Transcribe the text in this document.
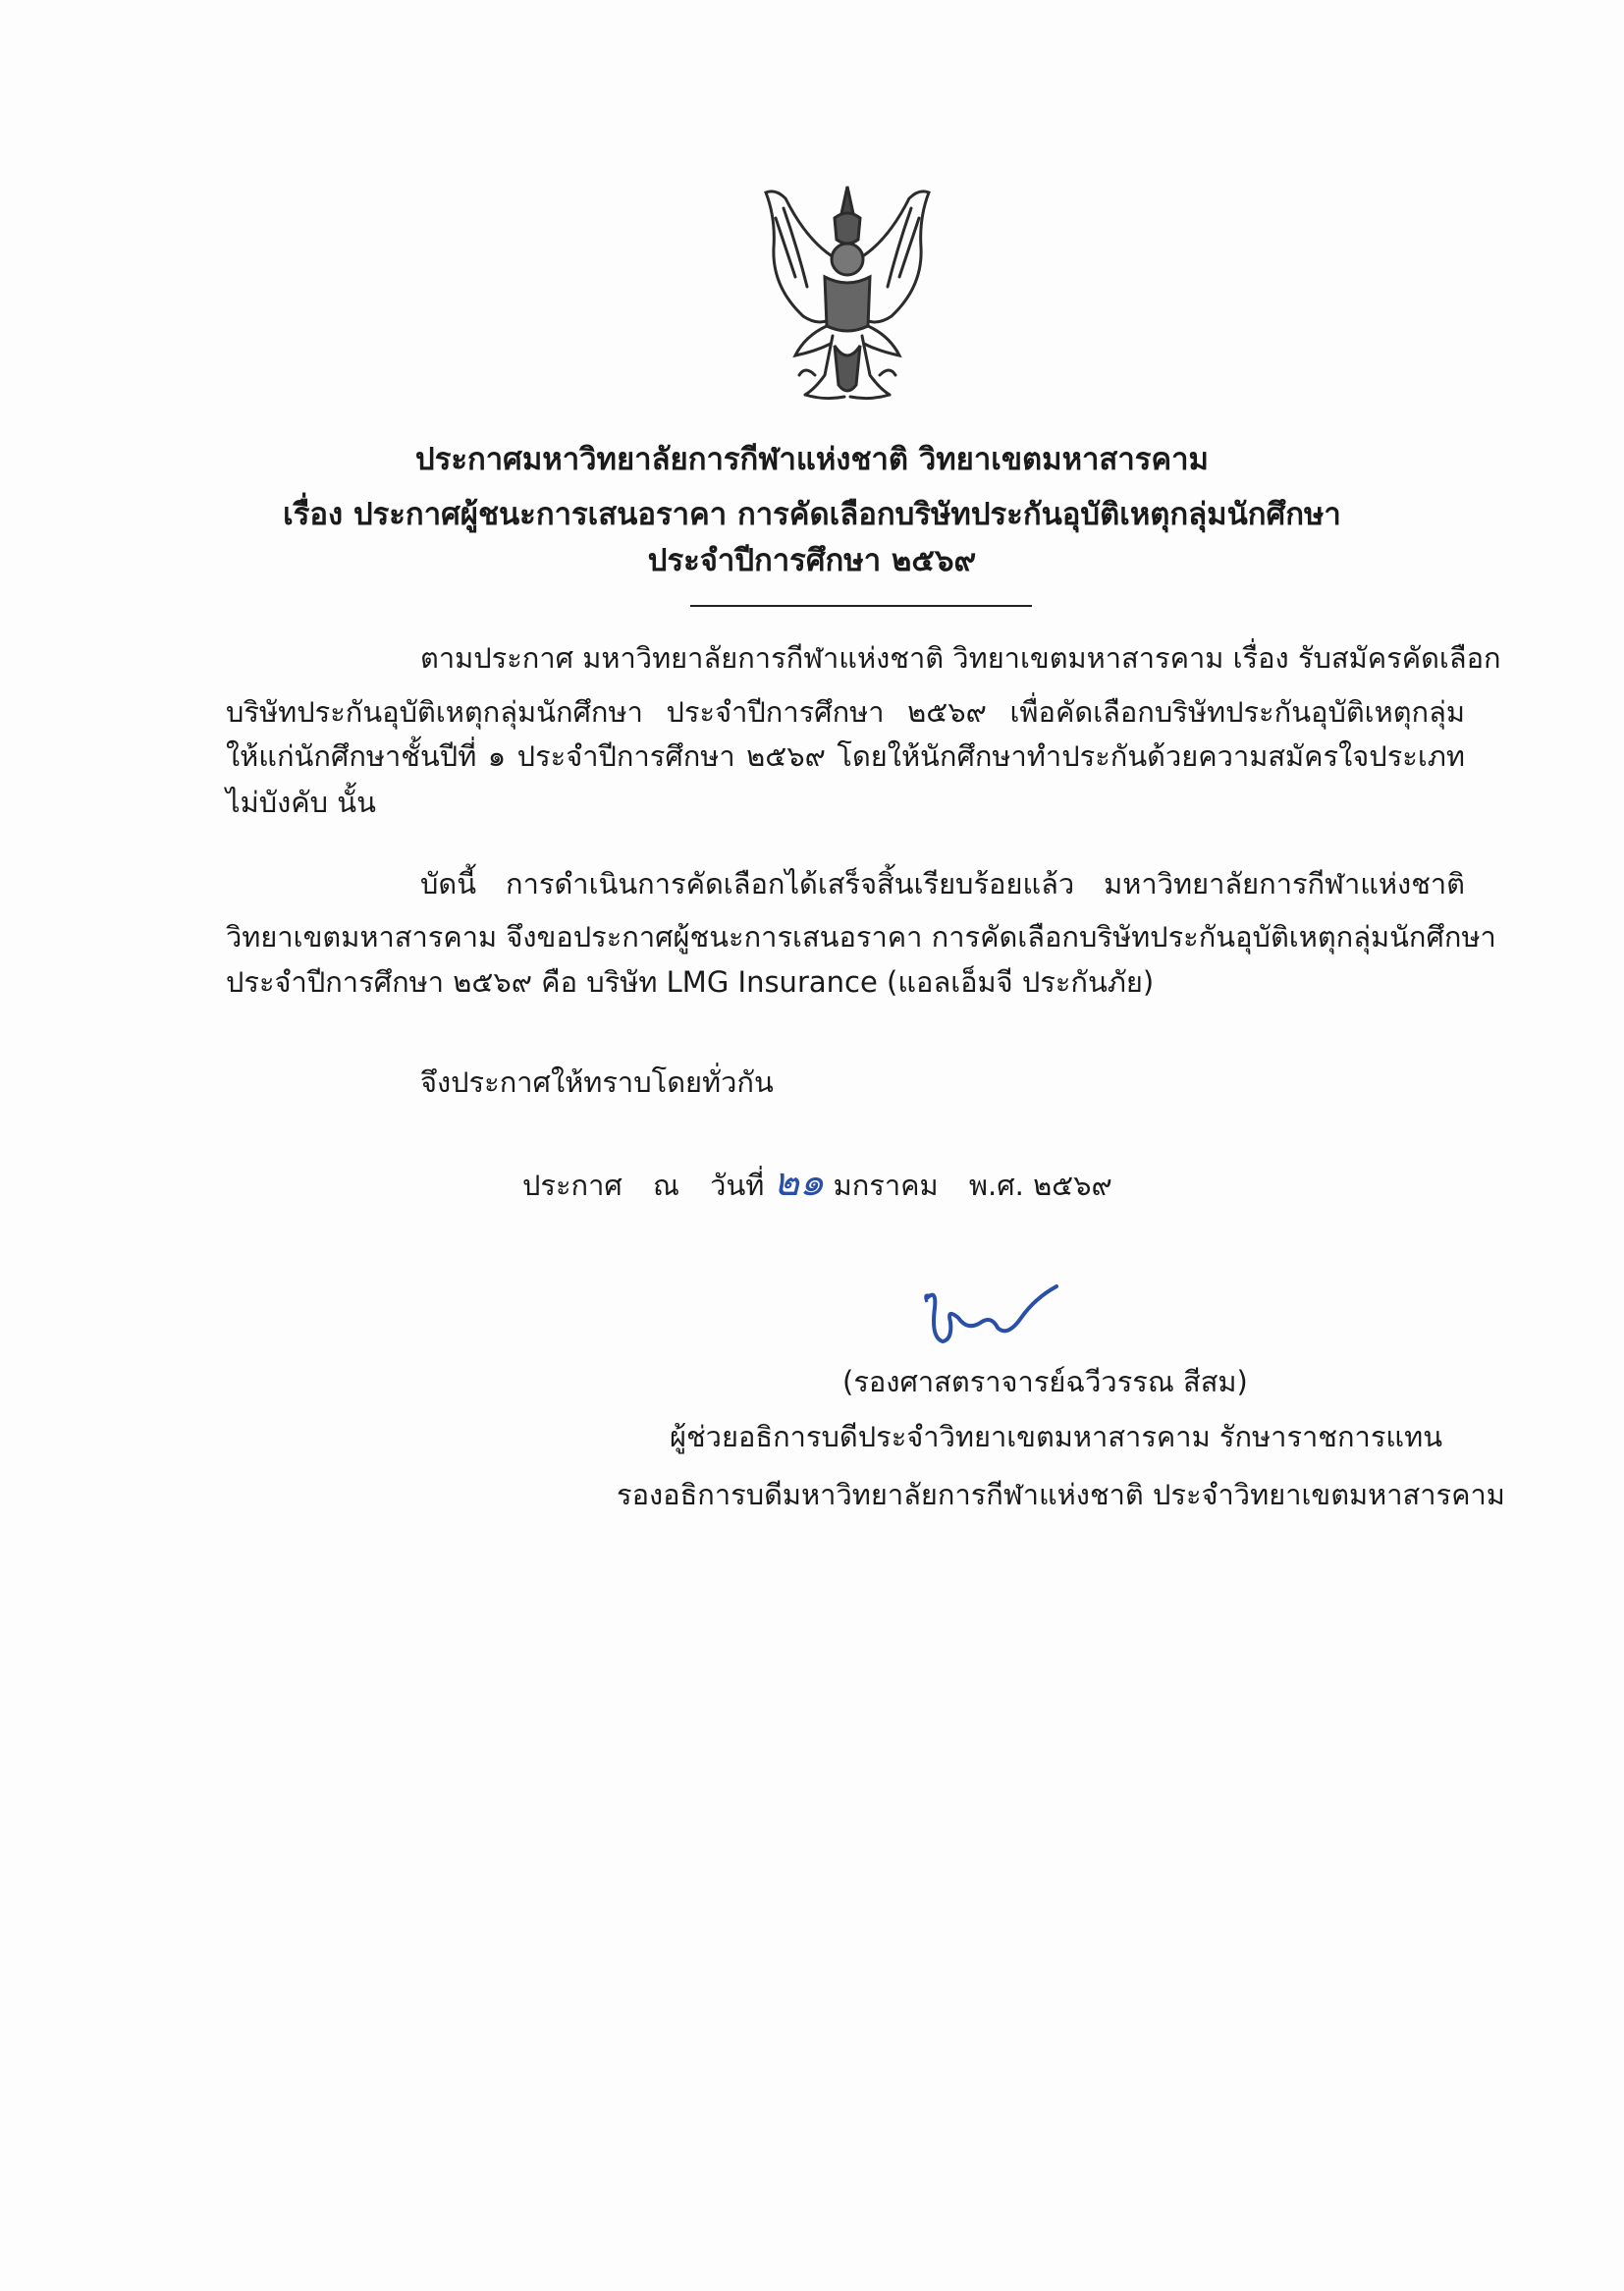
ประกาศมหาวิทยาลัยการกีฬาแห่งชาติ วิทยาเขตมหาสารคาม
เรื่อง ประกาศผู้ชนะการเสนอราคา การคัดเลือกบริษัทประกันอุบัติเหตุกลุ่มนักศึกษา
ประจำปีการศึกษา ๒๕๖๙
ตามประกาศ มหาวิทยาลัยการกีฬาแห่งชาติ วิทยาเขตมหาสารคาม เรื่อง รับสมัครคัดเลือก
บริษัทประกันอุบัติเหตุกลุ่มนักศึกษา ประจำปีการศึกษา ๒๕๖๙ เพื่อคัดเลือกบริษัทประกันอุบัติเหตุกลุ่ม
ให้แก่นักศึกษาชั้นปีที่ ๑ ประจำปีการศึกษา ๒๕๖๙ โดยให้นักศึกษาทำประกันด้วยความสมัครใจประเภท
ไม่บังคับ นั้น
บัดนี้ การดำเนินการคัดเลือกได้เสร็จสิ้นเรียบร้อยแล้ว มหาวิทยาลัยการกีฬาแห่งชาติ
วิทยาเขตมหาสารคาม จึงขอประกาศผู้ชนะการเสนอราคา การคัดเลือกบริษัทประกันอุบัติเหตุกลุ่มนักศึกษา
ประจำปีการศึกษา ๒๕๖๙ คือ บริษัท LMG Insurance (แอลเอ็มจี ประกันภัย)
จึงประกาศให้ทราบโดยทั่วกัน
ประกาศ ณ วันที่ ๒๑ มกราคม พ.ศ. ๒๕๖๙
(รองศาสตราจารย์ฉวีวรรณ สีสม)
ผู้ช่วยอธิการบดีประจำวิทยาเขตมหาสารคาม รักษาราชการแทน
รองอธิการบดีมหาวิทยาลัยการกีฬาแห่งชาติ ประจำวิทยาเขตมหาสารคาม
